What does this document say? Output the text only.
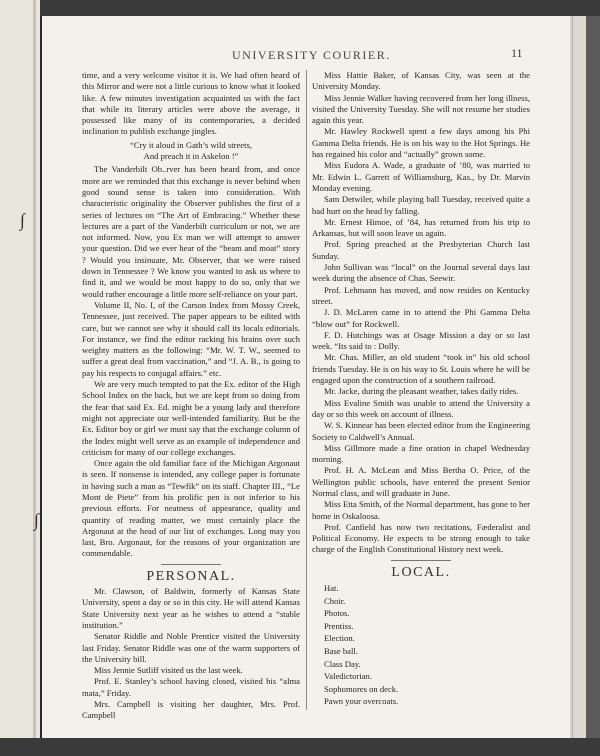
∫
∫
UNIVERSITY COURIER.	11

time, and a very welcome visitor it is. We had often heard of this Mirror and were not a little curious to know what it looked like. A few minutes investigation acquainted us with the fact that while its literary articles were above the average, it possessed like many of its contemporaries, a decided inclination to publish exchange jingles.

“Cry it aloud in Gath’s wild streets,
And preach it in Askelon !”

The Vanderbilt Ob..rver has been heard from, and once more are we reminded that this exchange is never behind when good sound sense is taken into consideration. With characteristic originality the Observer publishes the first of a series of lectures on “The Art of Embracing.” Whether these lectures are a part of the Vanderbilt curriculum or not, we are not informed. Now, you Ex man we will attempt to answer your question. Did we ever hear of the “beam and moat” story ? Would you insinuate, Mr. Observer, that we were raised down in Tennessee ? We know you wanted to ask us where to find it, and we would be most happy to do so, only that we would rather encourage a little more self-reliance on your part.

Volume II, No. I, of the Carson Index from Mossy Creek, Tennessee, just received. The paper appears to be edited with care, but we cannot see why it should call its locals editorials. For instance, we find the editor racking his brains over such weighty matters as the following: “Mr. W. T. W., seemed to suffer a great deal from vaccination,” and “J. A. B., is going to pay his respects to conjugal affairs.” etc.

We are very much tempted to pat the Ex. editor of the High School Index on the back, but we are kept from so doing from the fear that said Ex. Ed. might be a young lady and therefore might not appreciate our well-intended familiarity. But be the Ex. Editor boy or girl we must say that the exchange column of the Index might well serve as an example of independence and criticism for many of our college exchanges.

Once again the old familiar face of the Michigan Argonaut is seen. If nonsense is intended, any college paper is fortunate in having such a man as “Tewfik” on its staff. Chapter III., “Le Mont de Piete” from his prolific pen is not inferior to his previous efforts. For neatness of appearance, quality and quantity of reading matter, we must certainly place the Argonaut at the head of our list of exchanges. Long may you last, Bro. Argonaut, for the reasons of your organization are commendable.

PERSONAL.

Mr. Clawson, of Baldwin, formerly of Kansas State University, spent a day or so in this city. He will attend Kansas State University next year as he wishes to attend a “stable institution.”

Senator Riddle and Noble Prentice visited the University last Friday. Senator Riddle was one of the warm supporters of the University bill.

Miss Jennie Sutliff visited us the last week.

Prof. E. Stanley’s school having closed, visited his “alma mata,” Friday.

Mrs. Campbell is visiting her daughter, Mrs. Prof. Campbell

Miss Hattie Baker, of Kansas City, was seen at the University Monday.

Miss Jennie Walker having recovered from her long illness, visited the University Tuesday. She will not resume her studies again this year.

Mr. Hawley Rockwell spent a few days among his Phi Gamma Delta friends. He is on his way to the Hot Springs. He has regained his color and “actually” grown some.

Miss Eudora A. Wade, a graduate of ’80, was married to Mr. Edwin L. Garrett of Williamsburg, Kas., by Dr. Marvin Monday evening.

Sam Detwiler, while playing ball Tuesday, received quite a bad hurt on the head by falling.

Mr. Ernest Himoe, of ’84, has returned from his trip to Arkansas, but will soon leave us again.

Prof. Spring preached at the Presbyterian Church last Sunday.

John Sullivan was “local” on the Journal several days last week during the absence of Chas. Seewir.

Prof. Lehmann has moved, and now resides on Kentucky street.

J. D. McLaren came in to attend the Phi Gamma Delta “blow out” for Rockwell.

F. D. Hutchings was at Osage Mission a day or so last week. “Its said to : Dolly.

Mr. Chas. Miller, an old student “took in” his old school friends Tuesday. He is on his way to St. Louis where he will be engaged upon the construction of a southern railroad.

Mr. Jacke, during the pleasant weather, takes daily rides.

Miss Evaline Smith was unable to attend the University a day or so this week on account of illness.

W. S. Kinnear has been elected editor from the Engineering Society to Caldwell’s Annual.

Miss Gillmore made a fine oration in chapel Wednesday morning.

Prof. H. A. McLean and Miss Bertha O. Price, of the Wellington public schools, have entered the present Senior Normal class, and will graduate in June.

Miss Etta Smith, of the Normal department, has gone to her home in Oskaloosa.

Prof. Canfield has now two recitations, Fæderalist and Political Economy. He expects to be strong enough to take charge of the English Constitutional History next week.

LOCAL.
Hat.
Choir.
Photos.
Prentiss.
Election.
Base ball.
Class Day.
Valedictorian.
Sophomores on deck.
Pawn your overcoats.
